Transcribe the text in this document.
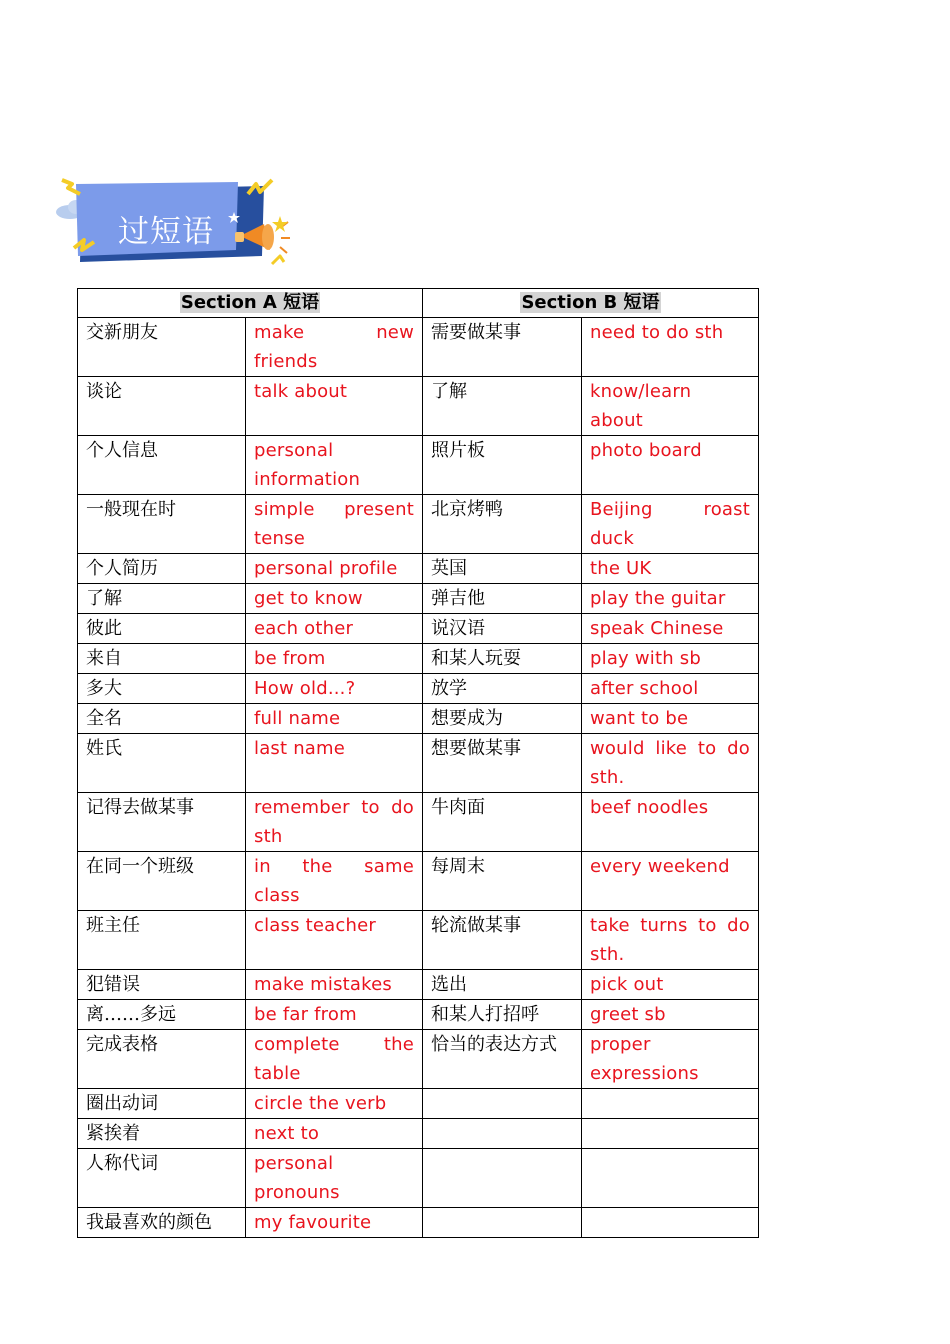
过短语
Section A 短语		Section B 短语	
交新朋友	make new friends	需要做某事	need to do sth
谈论	talk about	了解	know/learn about
个人信息	personal information	照片板	photo board
一般现在时	simple present tense	北京烤鸭	Beijing roast duck
个人简历	personal profile	英国	the UK
了解	get to know	弹吉他	play the guitar
彼此	each other	说汉语	speak Chinese
来自	be from	和某人玩耍	play with sb
多大	How old...?	放学	after school
全名	full name	想要成为	want to be
姓氏	last name	想要做某事	would like to do sth.
记得去做某事	remember to do sth	牛肉面	beef noodles
在同一个班级	in the same class	每周末	every weekend
班主任	class teacher	轮流做某事	take turns to do sth.
犯错误	make mistakes	选出	pick out
离……多远	be far from	和某人打招呼	greet sb
完成表格	complete the table	恰当的表达方式	proper expressions
圈出动词	circle the verb		
紧挨着	next to		
人称代词	personal pronouns		
我最喜欢的颜色	my favourite		
